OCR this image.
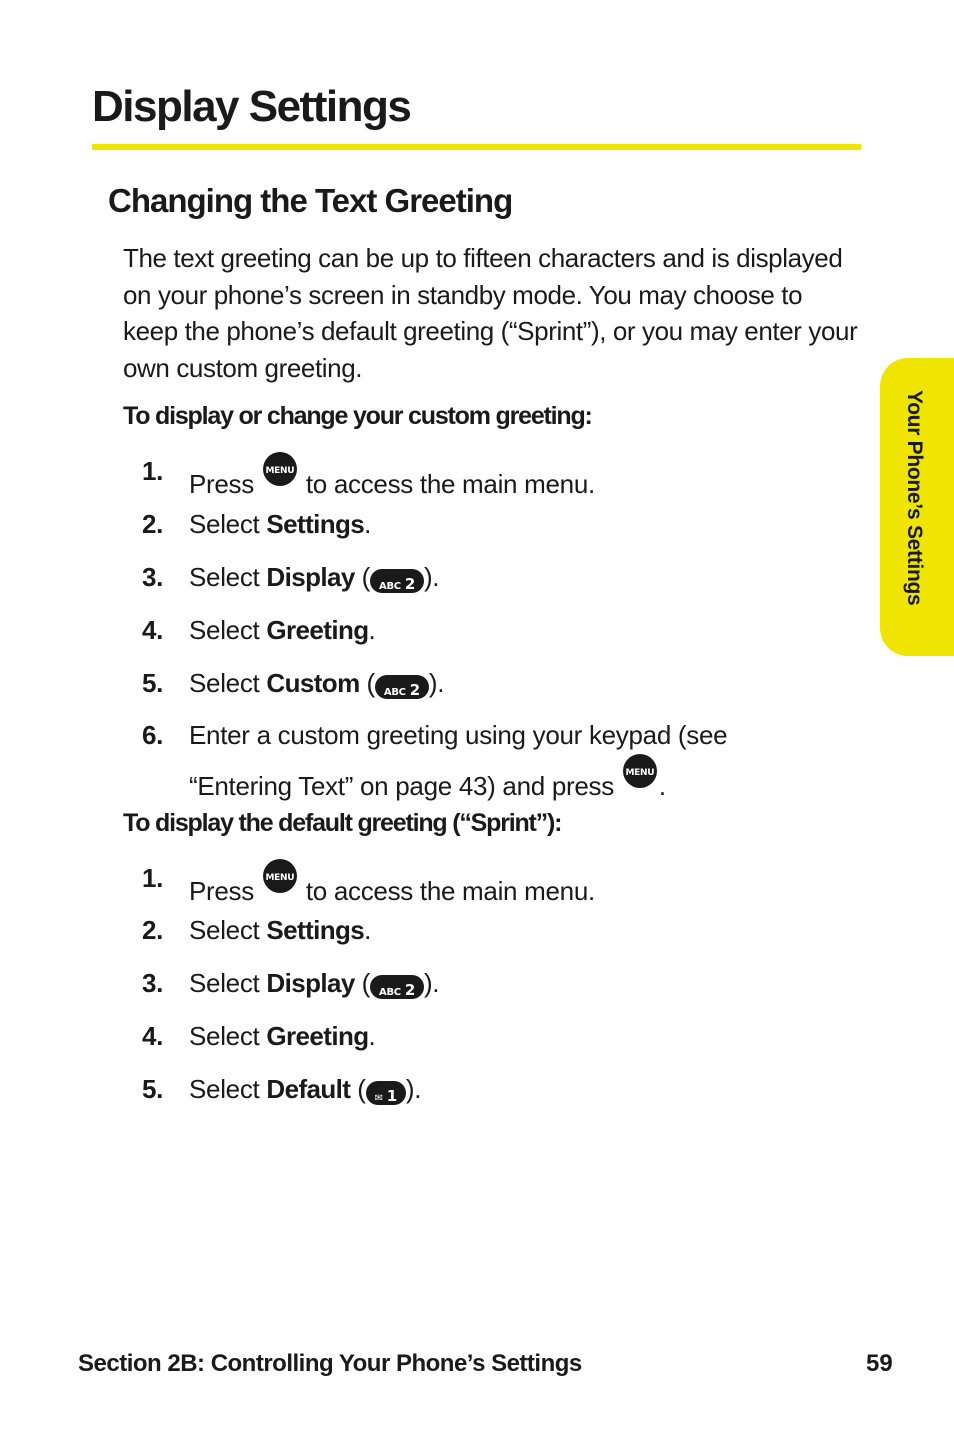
Display Settings
Changing the Text Greeting

The text greeting can be up to fifteen characters and is displayed on your phone’s screen in standby mode. You may choose to keep the phone’s default greeting (“Sprint”), or you may enter your own custom greeting.

To display or change your custom greeting:

1. Press MENU

OK to access the main menu.
2. Select Settings.
3. Select Display ( ABC 2 ).
4. Select Greeting.
5. Select Custom ( ABC 2 ).
6. Enter a custom greeting using your keypad (see “Entering Text” on page 43) and press MENU

OK .

To display the default greeting (“Sprint”):

1. Press MENU

OK to access the main menu.
2. Select Settings.
3. Select Display ( ABC 2 ).
4. Select Greeting.
5. Select Default ( ✉ 1 ).
Your Phone’s Settings
Section 2B: Controlling Your Phone’s Settings	59
